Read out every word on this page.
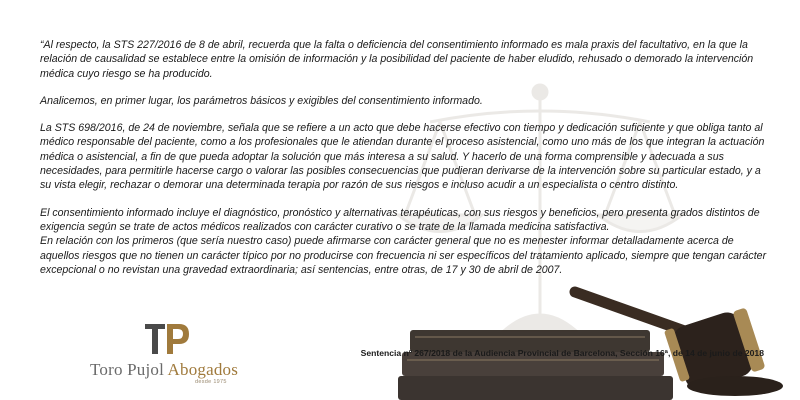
“Al respecto, la STS 227/2016 de 8 de abril, recuerda que la falta o deficiencia del consentimiento informado es mala praxis del facultativo, en la que la relación de causalidad se establece entre la omisión de información y la posibilidad del paciente de haber eludido, rehusado o demorado la intervención médica cuyo riesgo se ha producido.

Analicemos, en primer lugar, los parámetros básicos y exigibles del consentimiento informado.

La STS 698/2016, de 24 de noviembre, señala que se refiere a un acto que debe hacerse efectivo con tiempo y dedicación suficiente y que obliga tanto al médico responsable del paciente, como a los profesionales que le atiendan durante el proceso asistencial, como uno más de los que integran la actuación médica o asistencial, a fin de que pueda adoptar la solución que más interesa a su salud. Y hacerlo de una forma comprensible y adecuada a sus necesidades, para permitirle hacerse cargo o valorar las posibles consecuencias que pudieran derivarse de la intervención sobre su particular estado, y a su vista elegir, rechazar o demorar una determinada terapia por razón de sus riesgos e incluso acudir a un especialista o centro distinto.

El consentimiento informado incluye el diagnóstico, pronóstico y alternativas terapéuticas, con sus riesgos y beneficios, pero presenta grados distintos de exigencia según se trate de actos médicos realizados con carácter curativo o se trate de la llamada medicina satisfactiva.

En relación con los primeros (que sería nuestro caso) puede afirmarse con carácter general que no es menester informar detalladamente acerca de aquellos riesgos que no tienen un carácter típico por no producirse con frecuencia ni ser específicos del tratamiento aplicado, siempre que tengan carácter excepcional o no revistan una gravedad extraordinaria; así sentencias, entre otras, de 17 y 30 de abril de 2007.

Toro Pujol Abogados
desde 1975
Sentencia nº 267/2018 de la Audiencia Provincial de Barcelona, Sección 16ª, de 14 de junio de 2018
